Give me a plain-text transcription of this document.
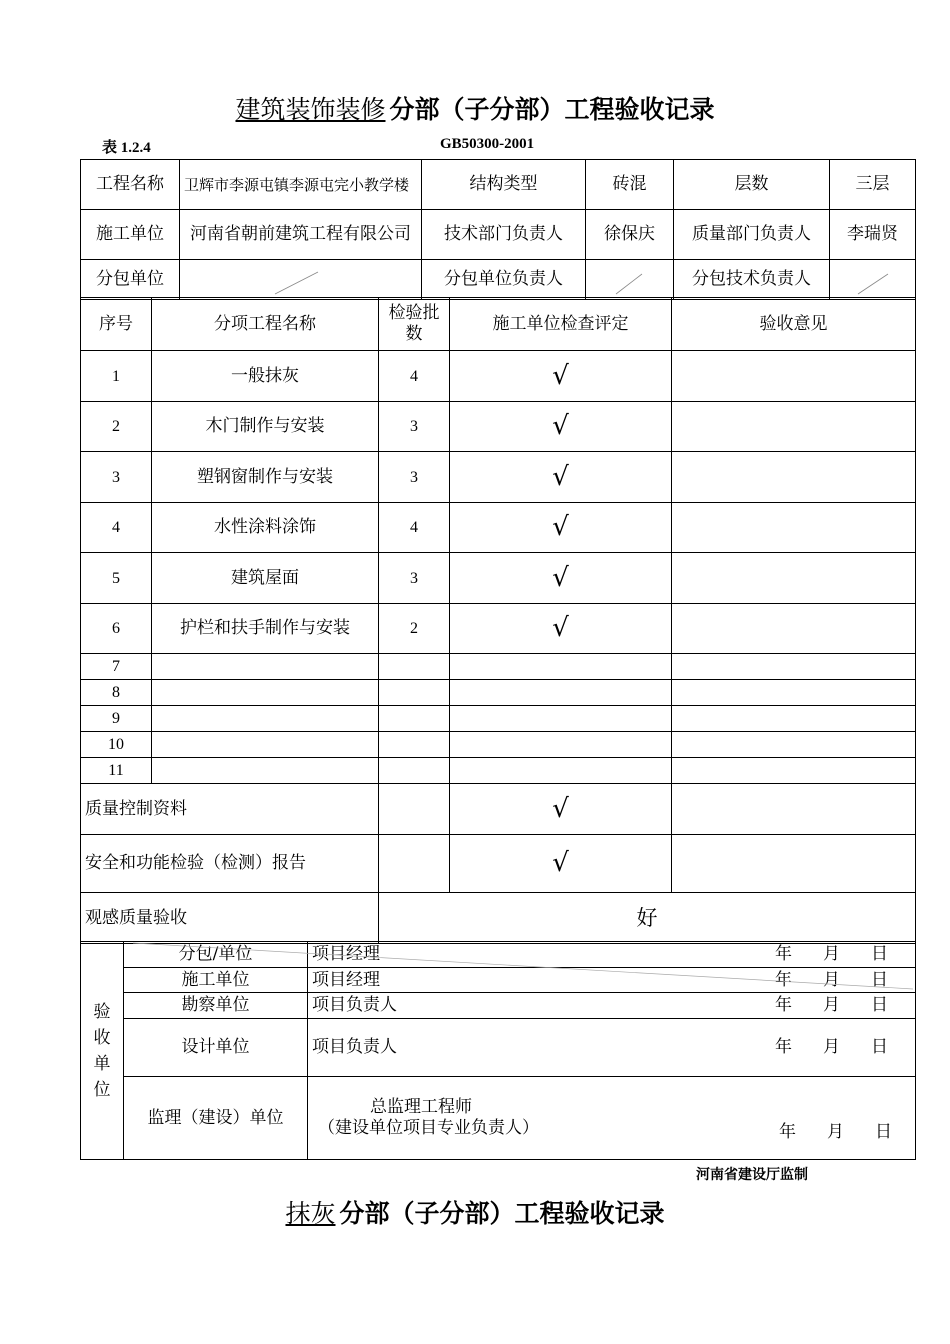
建筑装饰装修 分部（子分部）工程验收记录
表 1.2.4	GB50300-2001
工程名称	卫辉市李源屯镇李源屯完小教学楼	结构类型	砖混	层数	三层
施工单位	河南省朝前建筑工程有限公司	技术部门负责人	徐保庆	质量部门负责人	李瑞贤
分包单位		分包单位负责人		分包技术负责人	
序号	分项工程名称	检验批数	施工单位检查评定	验收意见
1	一般抹灰	4	√	
2	木门制作与安装	3	√	
3	塑钢窗制作与安装	3	√	
4	水性涂料涂饰	4	√	
5	建筑屋面	3	√	
6	护栏和扶手制作与安装	2	√	
7				
8				
9				
10				
11				
质量控制资料			√	
安全和功能检验（检测）报告			√	
观感质量验收		好		
验收单位	分包/单位	项目经理 年 月 日

	施工单位	项目经理 年 月 日

	勘察单位	项目负责人 年 月 日

	设计单位	项目负责人 年 月 日

	监理（建设）单位	总监理工程师
（建设单位项目专业负责人） 年 月 日
河南省建设厅监制
抹灰 分部（子分部）工程验收记录
